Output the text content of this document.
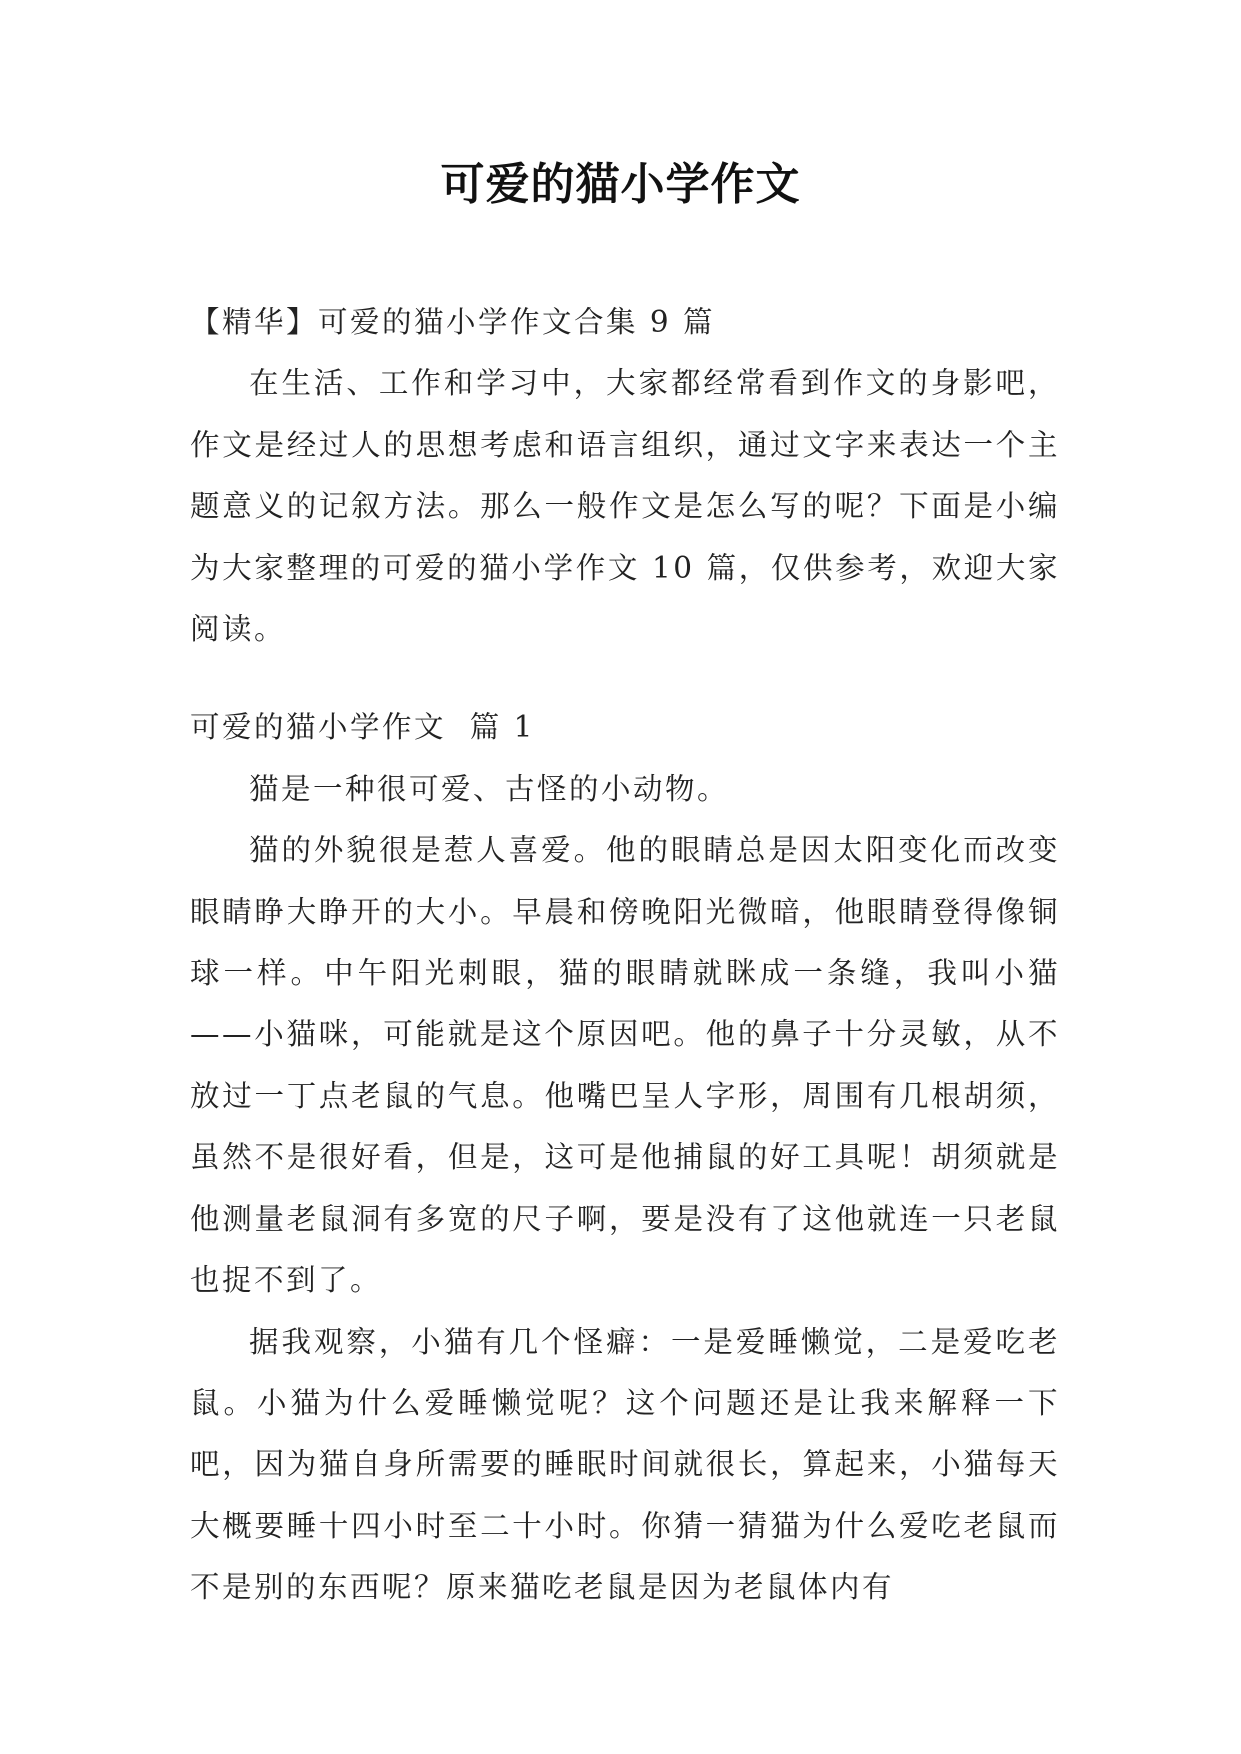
可爱的猫小学作文

【精华】可爱的猫小学作文合集 9 篇

在生活、工作和学习中，大家都经常看到作文的身影吧，作文是经过人的思想考虑和语言组织，通过文字来表达一个主题意义的记叙方法。那么一般作文是怎么写的呢？下面是小编为大家整理的可爱的猫小学作文 10 篇，仅供参考，欢迎大家阅读。

可爱的猫小学作文  篇 1

猫是一种很可爱、古怪的小动物。

猫的外貌很是惹人喜爱。他的眼睛总是因太阳变化而改变眼睛睁大睁开的大小。早晨和傍晚阳光微暗，他眼睛登得像铜球一样。中午阳光刺眼，猫的眼睛就眯成一条缝，我叫小猫——小猫咪，可能就是这个原因吧。他的鼻子十分灵敏，从不放过一丁点老鼠的气息。他嘴巴呈人字形，周围有几根胡须，虽然不是很好看，但是，这可是他捕鼠的好工具呢！胡须就是他测量老鼠洞有多宽的尺子啊，要是没有了这他就连一只老鼠也捉不到了。

据我观察，小猫有几个怪癖：一是爱睡懒觉，二是爱吃老鼠。小猫为什么爱睡懒觉呢？这个问题还是让我来解释一下吧，因为猫自身所需要的睡眠时间就很长，算起来，小猫每天大概要睡十四小时至二十小时。你猜一猜猫为什么爱吃老鼠而不是别的东西呢？原来猫吃老鼠是因为老鼠体内有
